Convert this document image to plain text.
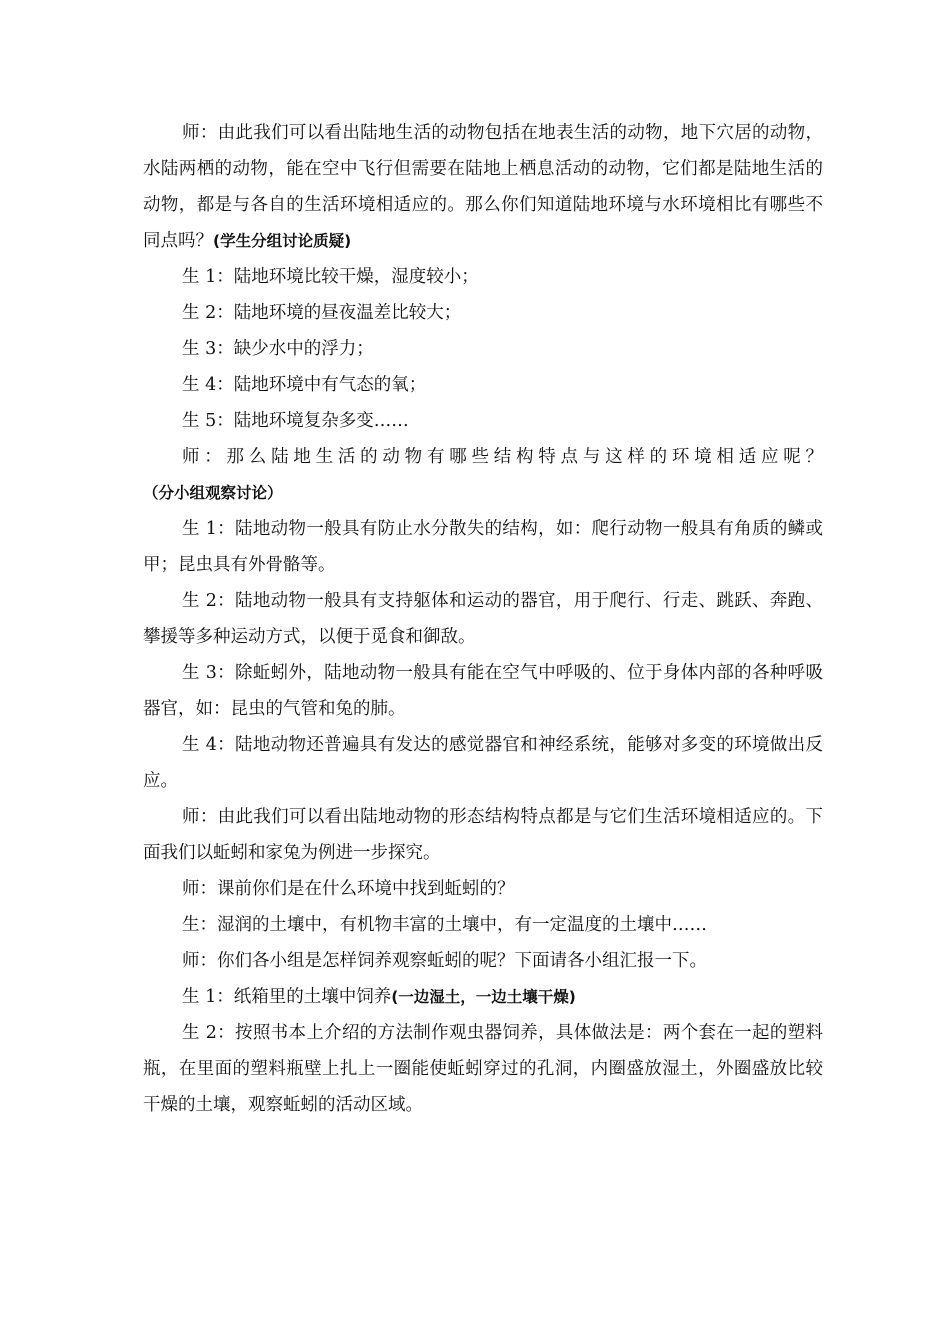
师：由此我们可以看出陆地生活的动物包括在地表生活的动物，地下穴居的动物，水陆两栖的动物，能在空中飞行但需要在陆地上栖息活动的动物，它们都是陆地生活的动物，都是与各自的生活环境相适应的。那么你们知道陆地环境与水环境相比有哪些不同点吗？(学生分组讨论质疑)

生 1：陆地环境比较干燥，湿度较小；

生 2：陆地环境的昼夜温差比较大；

生 3：缺少水中的浮力；

生 4：陆地环境中有气态的氧；

生 5：陆地环境复杂多变……

师：那么陆地生活的动物有哪些结构特点与这样的环境相适应呢？（分小组观察讨论）

生 1：陆地动物一般具有防止水分散失的结构，如：爬行动物一般具有角质的鳞或甲；昆虫具有外骨骼等。

生 2：陆地动物一般具有支持躯体和运动的器官，用于爬行、行走、跳跃、奔跑、攀援等多种运动方式，以便于觅食和御敌。

生 3：除蚯蚓外，陆地动物一般具有能在空气中呼吸的、位于身体内部的各种呼吸器官，如：昆虫的气管和兔的肺。

生 4：陆地动物还普遍具有发达的感觉器官和神经系统，能够对多变的环境做出反应。

师：由此我们可以看出陆地动物的形态结构特点都是与它们生活环境相适应的。下面我们以蚯蚓和家兔为例进一步探究。

师：课前你们是在什么环境中找到蚯蚓的？

生：湿润的土壤中，有机物丰富的土壤中，有一定温度的土壤中……

师：你们各小组是怎样饲养观察蚯蚓的呢？下面请各小组汇报一下。

生 1：纸箱里的土壤中饲养(一边湿土，一边土壤干燥)

生 2：按照书本上介绍的方法制作观虫器饲养，具体做法是：两个套在一起的塑料瓶，在里面的塑料瓶壁上扎上一圈能使蚯蚓穿过的孔洞，内圈盛放湿土，外圈盛放比较干燥的土壤，观察蚯蚓的活动区域。
